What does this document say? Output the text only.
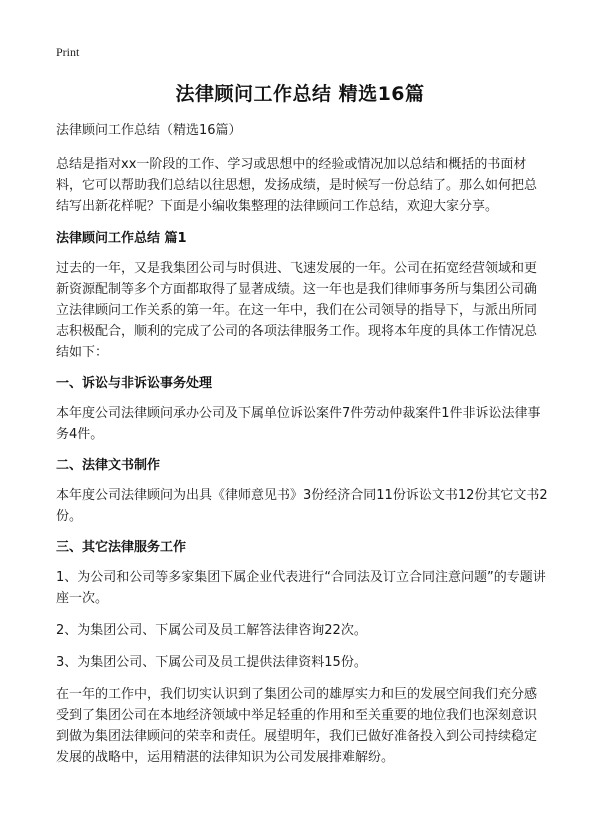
Print
法律顾问工作总结 精选16篇

法律顾问工作总结（精选16篇）

总结是指对xx一阶段的工作、学习或思想中的经验或情况加以总结和概括的书面材料，它可以帮助我们总结以往思想，发扬成绩，是时候写一份总结了。那么如何把总结写出新花样呢？下面是小编收集整理的法律顾问工作总结，欢迎大家分享。

法律顾问工作总结 篇1

过去的一年，又是我集团公司与时俱进、飞速发展的一年。公司在拓宽经营领域和更新资源配制等多个方面都取得了显著成绩。这一年也是我们律师事务所与集团公司确立法律顾问工作关系的第一年。在这一年中，我们在公司领导的指导下，与派出所同志积极配合，顺利的完成了公司的各项法律服务工作。现将本年度的具体工作情况总结如下：

一、诉讼与非诉讼事务处理

本年度公司法律顾问承办公司及下属单位诉讼案件7件劳动仲裁案件1件非诉讼法律事务4件。

二、法律文书制作

本年度公司法律顾问为出具《律师意见书》3份经济合同11份诉讼文书12份其它文书2份。

三、其它法律服务工作

1、为公司和公司等多家集团下属企业代表进行“合同法及订立合同注意问题”的专题讲座一次。

2、为集团公司、下属公司及员工解答法律咨询22次。

3、为集团公司、下属公司及员工提供法律资料15份。

在一年的工作中，我们切实认识到了集团公司的雄厚实力和巨的发展空间我们充分感受到了集团公司在本地经济领域中举足轻重的作用和至关重要的地位我们也深刻意识到做为集团法律顾问的荣幸和责任。展望明年，我们已做好准备投入到公司持续稳定发展的战略中，运用精湛的法律知识为公司发展排难解纷。
